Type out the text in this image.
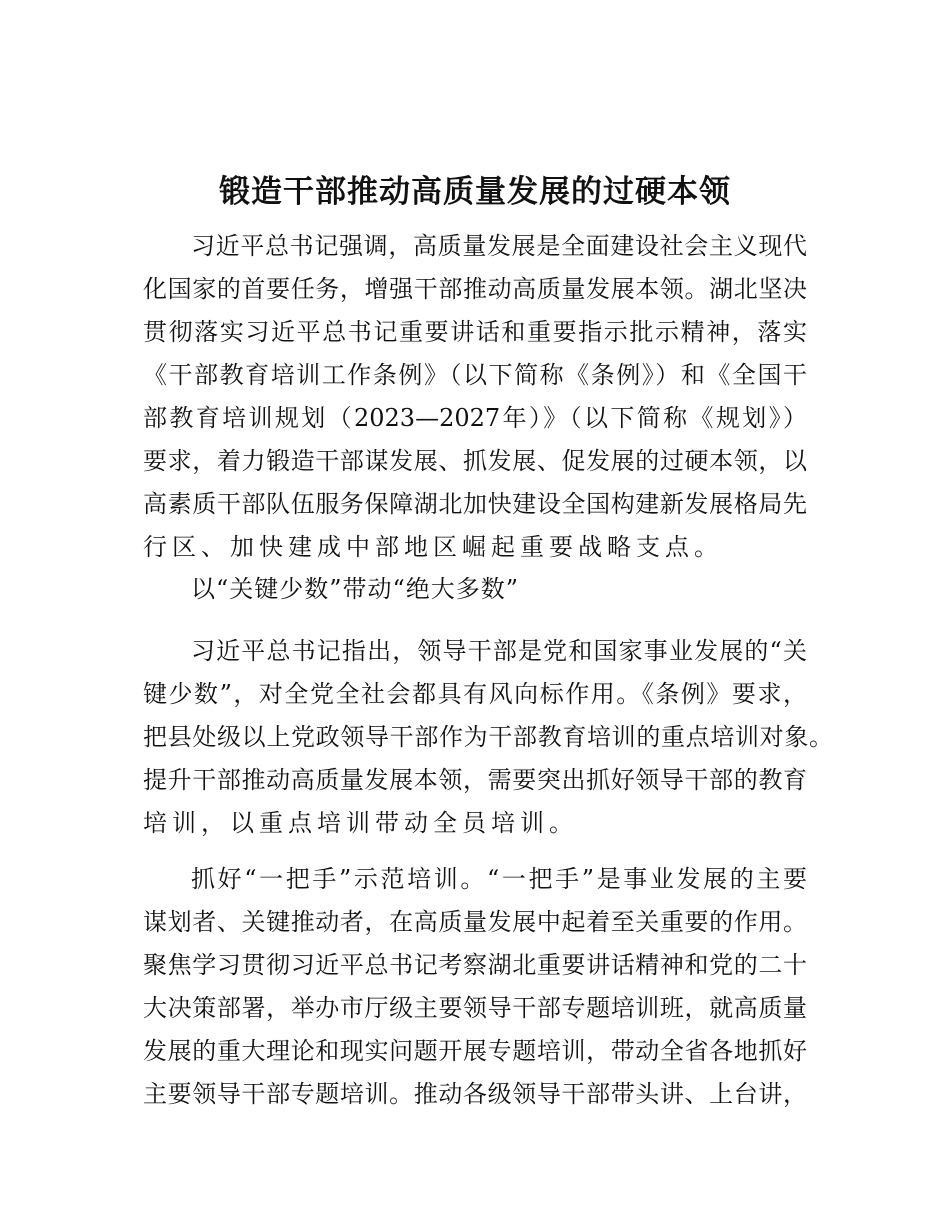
锻造干部推动高质量发展的过硬本领
习近平总书记强调，高质量发展是全面建设社会主义现代
化国家的首要任务，增强干部推动高质量发展本领。湖北坚决
贯彻落实习近平总书记重要讲话和重要指示批示精神，落实
《干部教育培训工作条例》（以下简称《条例》）和《全国干
部教育培训规划（2023—2027年）》（以下简称《规划》）
要求，着力锻造干部谋发展、抓发展、促发展的过硬本领，以
高素质干部队伍服务保障湖北加快建设全国构建新发展格局先
行区、加快建成中部地区崛起重要战略支点。
以“关键少数”带动“绝大多数”
习近平总书记指出，领导干部是党和国家事业发展的“关
键少数”，对全党全社会都具有风向标作用。《条例》要求，
把县处级以上党政领导干部作为干部教育培训的重点培训对象。
提升干部推动高质量发展本领，需要突出抓好领导干部的教育
培训，以重点培训带动全员培训。
抓好“一把手”示范培训。“一把手”是事业发展的主要
谋划者、关键推动者，在高质量发展中起着至关重要的作用。
聚焦学习贯彻习近平总书记考察湖北重要讲话精神和党的二十
大决策部署，举办市厅级主要领导干部专题培训班，就高质量
发展的重大理论和现实问题开展专题培训，带动全省各地抓好
主要领导干部专题培训。推动各级领导干部带头讲、上台讲，
